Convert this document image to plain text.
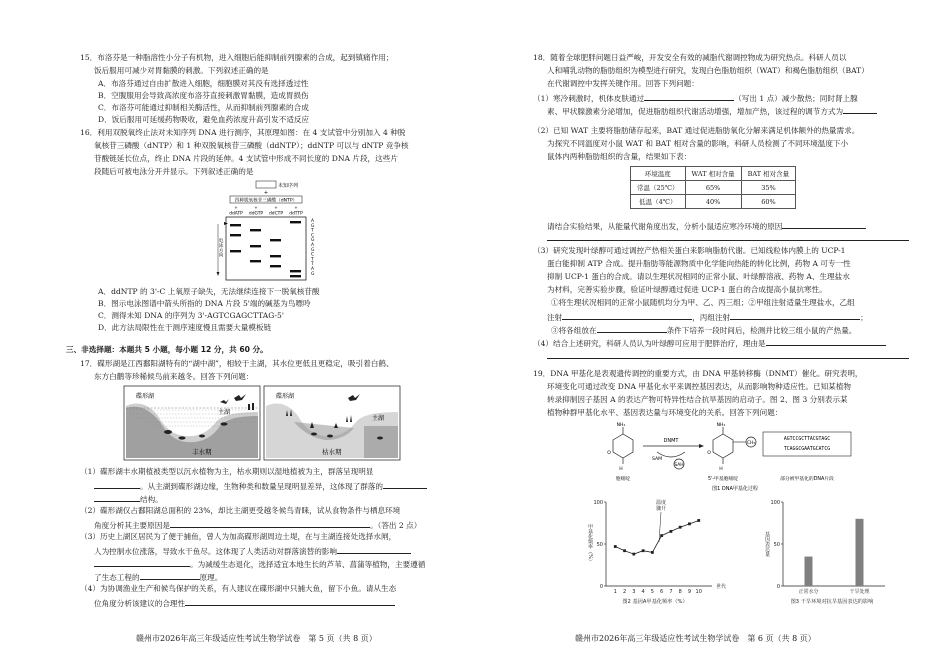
15．布洛芬是一种脂溶性小分子有机物，进入细胞后能抑制前列腺素的合成，起到镇痛作用；
饭后服用可减少对胃黏膜的刺激。下列叙述正确的是
A．布洛芬通过自由扩散进入细胞，细胞膜对其没有选择透过性
B．空腹服用会导致高浓度布洛芬直接刺激胃黏膜，造成胃损伤
C．布洛芬可能通过抑制相关酶活性，从而抑制前列腺素的合成
D．饭后服用可延缓药物吸收，避免血药浓度升高引发不适反应
16．利用双脱氧终止法对未知序列 DNA 进行测序，其原理如图：在 4 支试管中分别加入 4 种脱
氧核苷三磷酸（dNTP）和 1 种双脱氧核苷三磷酸（ddNTP）；ddNTP 可以与 dNTP 竞争核
苷酸链延长位点，终止 DNA 片段的延伸。4 支试管中形成不同长度的 DNA 片段，这些片
段随后可被电泳分开并显示。下列叙述正确的是
未知序列
+
四种脱氧核苷三磷酸（dNTP）
+	+	+	+
ddATP ddGTP ddCTP ddTTP
电泳方向
A G T C G A G C T T A G
A．ddNTP 的 3'-C 上氧原子缺失，无法继续连接下一脱氧核苷酸
B．图示电泳图谱中箭头所指的 DNA 片段 5'端的碱基为鸟嘌呤
C．测得未知 DNA 的序列为 3'-AGTCGAGCTTAG-5'
D．此方法局限性在于测序速度慢且需要大量模板链
三、非选择题：本题共 5 小题，每小题 12 分，共 60 分。
17．碟形湖是江西鄱阳湖特有的“湖中湖”，相较于主湖，其水位更低且更稳定，吸引着白鹤、
东方白鹳等珍稀候鸟前来越冬。回答下列问题：
碟形湖
主湖
丰水期
碟形湖
主湖
枯水期
（1）碟形湖丰水期植被类型以沉水植物为主，枯水期则以湿地植被为主，群落呈现明显
。从主湖到碟形湖边缘，生物种类和数量呈现明显差异，这体现了群落的
结构。
（2）碟形湖仅占鄱阳湖总面积的 23%，却比主湖更受越冬候鸟青睐，试从食物条件与栖息环境
角度分析其主要原因是	。（答出 2 点）
（3）历史上湖区居民为了便于捕鱼，曾人为加高碟形湖周边土堤，在与主湖连接处选择水闸，
人为控制水位涨落，导致水干鱼尽。这体现了人类活动对群落演替的影响
。为减缓生态退化，选择适宜本地生长的芦苇、菖蒲等植物，主要遵循
了生态工程的	原理。
（4）为协调渔业生产和候鸟保护的关系，有人建议在碟形湖中只捕大鱼，留下小鱼。请从生态
位角度分析该建议的合理性
赣州市2026年高三年级适应性考试生物学试卷　第 5 页（共 8 页）
18．随着全球肥胖问题日益严峻，开发安全有效的减脂代谢调控物成为研究热点。科研人员以
人和哺乳动物的脂肪组织为模型进行研究，发现白色脂肪组织（WAT）和褐色脂肪组织（BAT）
在代谢调控中发挥关键作用。回答下列问题：
（1）寒冷刺激时，机体皮肤通过	（写出 1 点）减少散热；同时肾上腺
素、甲状腺激素分泌增加，促进脂肪组织代谢活动增强，增加产热，该过程的调节方式为
（2）已知 WAT 主要将脂肪储存起来，BAT 通过促进脂肪氧化分解来满足机体额外的热量需求。
为探究不同温度对小鼠 WAT 和 BAT 相对含量的影响，科研人员检测了不同环境温度下小
鼠体内两种脂肪组织的含量，结果如下表：
环境温度	WAT 相对含量	BAT 相对含量
常温（25℃）	65%	35%
低温（4℃）	40%	60%
请结合实验结果，从能量代谢角度出发，分析小鼠适应寒冷环境的原因
（3）研究发现叶绿醇可通过调控产热相关蛋白来影响脂肪代谢。已知线粒体内膜上的 UCP-1
蛋白能抑制 ATP 合成。提升脂肪等能源物质中化学能向热能的转化比例，药物 A 可专一性
抑制 UCP-1 蛋白的合成。请以生理状况相同的正常小鼠、叶绿醇溶液、药物 A、生理盐水
为材料，完善实验步骤，验证叶绿醇通过促进 UCP-1 蛋白的合成提高小鼠抗寒性。
①将生理状况相同的正常小鼠随机均分为甲、乙、丙三组；②甲组注射适量生理盐水，乙组
注射	，丙组注射	；
③将各组放在	条件下培养一段时间后，检测并比较三组小鼠的产热量。
（4）结合上述研究，科研人员认为叶绿醇可应用于肥胖治疗，理由是
19．DNA 甲基化是表观遗传调控的重要方式，由 DNA 甲基转移酶（DNMT）催化。研究表明，
环境变化可通过改变 DNA 甲基化水平来调控基因表达，从而影响物种适应性。已知某植物
转录抑制因子基因 A 的表达产物可特异性结合抗旱基因的启动子。图 2、图 3 分别表示某
植物种群甲基化水平、基因表达量与环境变化的关系。回答下列问题：
NH₂	NH₂
H	H
O	O
DNMT
SAM
SAH
CH₃
AGTCCGCTTACGTAGC
TCAGGCGAATGCATCG
胞嘧啶	5'-甲基胞嘧啶	部分被甲基化的DNA片段
图1 DNA甲基化过程
0
50
100
1 2 3 4 5 6 7 8 9 10
甲基化频率（%）
世代
温度
骤升
图2 基因A甲基化频率（%）
0
50
100
基因表达量
正常水分	干旱处理
图3 干旱环境对抗旱基因表达的影响
赣州市2026年高三年级适应性考试生物学试卷　第 6 页（共 8 页）
